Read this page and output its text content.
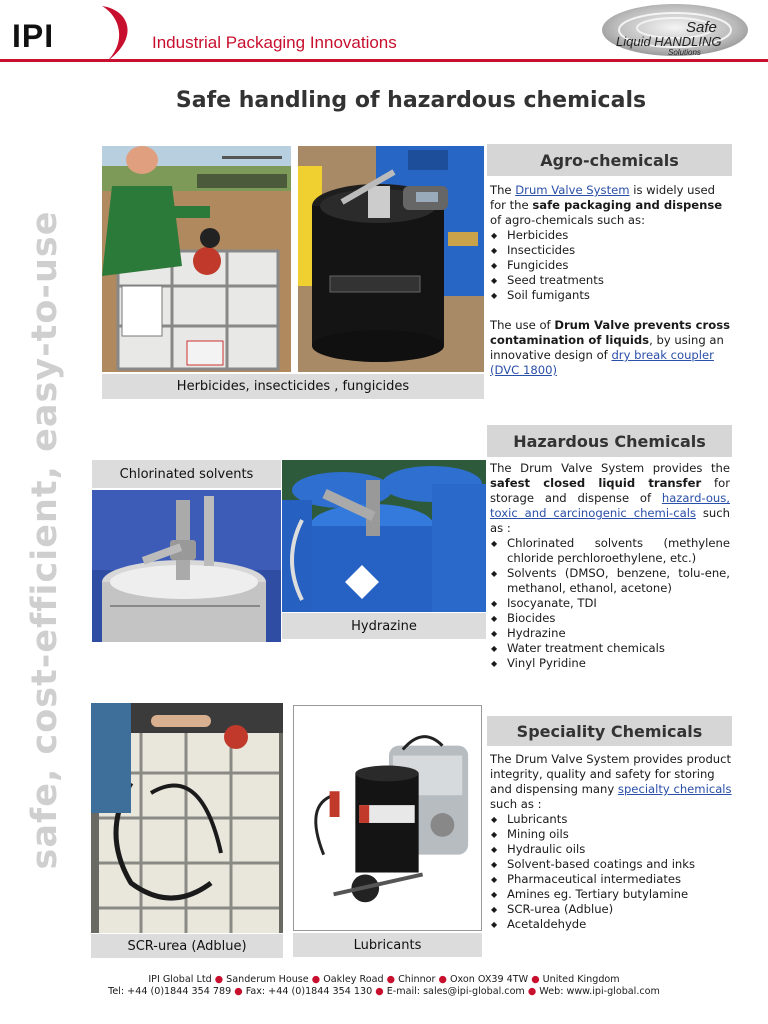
IPI	Industrial Packaging Innovations
Safe
Liquid HANDLING
Solutions
Safe handling of hazardous chemicals
safe, cost-efficient, easy-to-use	Herbicides, insecticides , fungicides
Agro-chemicals

The Drum Valve System is widely used for the safe packaging and dispense of agro-chemicals such as:

◆ Herbicides
◆ Insecticides
◆ Fungicides
◆ Seed treatments
◆ Soil fumigants

The use of Drum Valve prevents cross contamination of liquids, by using an innovative design of dry break coupler (DVC 1800)

Chlorinated solvents
Hydrazine
Hazardous Chemicals

The Drum Valve System provides the safest closed liquid transfer for storage and dispense of hazard-ous, toxic and carcinogenic chemi-cals such as :

◆ Chlorinated solvents (methylene chloride perchloroethylene, etc.)
◆ Solvents (DMSO, benzene, tolu-ene, methanol, ethanol, acetone)
◆ Isocyanate, TDI
◆ Biocides
◆ Hydrazine
◆ Water treatment chemicals
◆ Vinyl Pyridine
SCR-urea (Adblue)	Lubricants
Speciality Chemicals

The Drum Valve System provides product integrity, quality and safety for storing and dispensing many specialty chemicals such as :

◆ Lubricants
◆ Mining oils
◆ Hydraulic oils
◆ Solvent-based coatings and inks
◆ Pharmaceutical intermediates
◆ Amines eg. Tertiary butylamine
◆ SCR-urea (Adblue)
◆ Acetaldehyde
IPI Global Ltd ● Sanderum House ● Oakley Road ● Chinnor ● Oxon OX39 4TW ● United Kingdom
Tel: +44 (0)1844 354 789 ● Fax: +44 (0)1844 354 130 ● E-mail: sales@ipi-global.com ● Web: www.ipi-global.com
